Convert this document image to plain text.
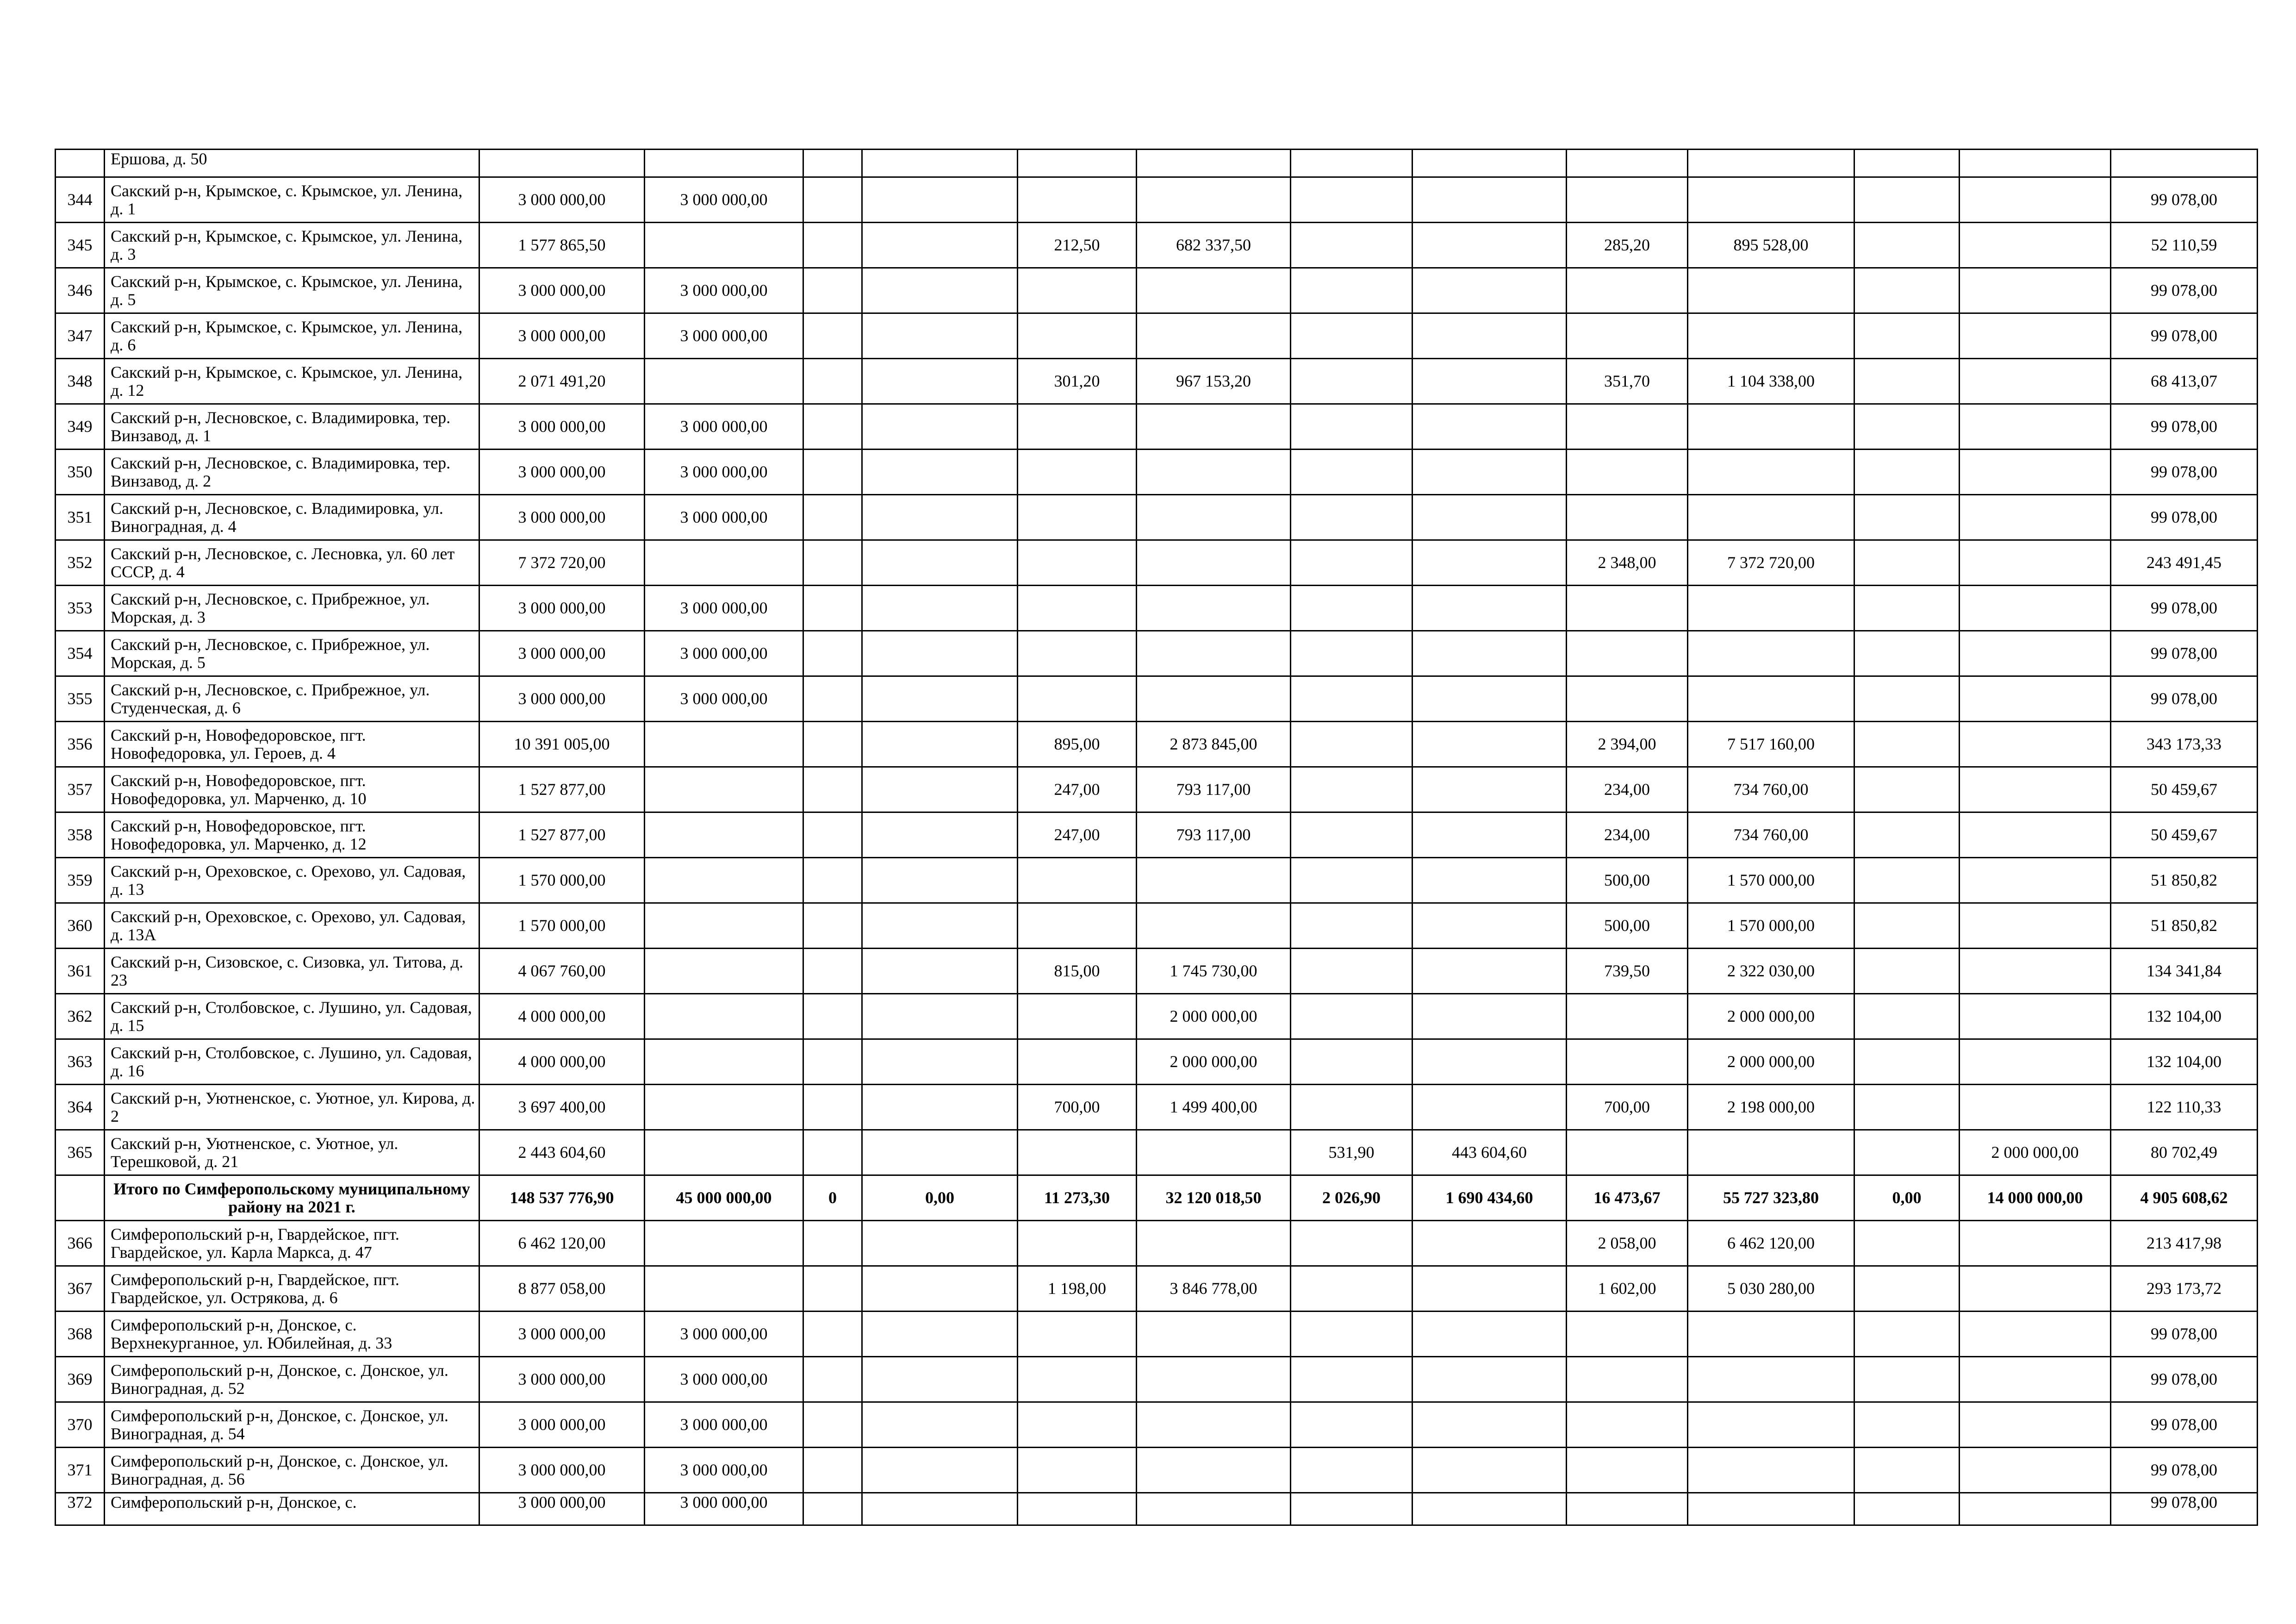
	Ершова, д. 50													
344	Сакский р-н, Крымское, с. Крымское, ул. Ленина, д. 1	3 000 000,00	3 000 000,00											99 078,00
345	Сакский р-н, Крымское, с. Крымское, ул. Ленина, д. 3	1 577 865,50				212,50	682 337,50			285,20	895 528,00			52 110,59
346	Сакский р-н, Крымское, с. Крымское, ул. Ленина, д. 5	3 000 000,00	3 000 000,00											99 078,00
347	Сакский р-н, Крымское, с. Крымское, ул. Ленина, д. 6	3 000 000,00	3 000 000,00											99 078,00
348	Сакский р-н, Крымское, с. Крымское, ул. Ленина, д. 12	2 071 491,20				301,20	967 153,20			351,70	1 104 338,00			68 413,07
349	Сакский р-н, Лесновское, с. Владимировка, тер. Винзавод, д. 1	3 000 000,00	3 000 000,00											99 078,00
350	Сакский р-н, Лесновское, с. Владимировка, тер. Винзавод, д. 2	3 000 000,00	3 000 000,00											99 078,00
351	Сакский р-н, Лесновское, с. Владимировка, ул. Виноградная, д. 4	3 000 000,00	3 000 000,00											99 078,00
352	Сакский р-н, Лесновское, с. Лесновка, ул. 60 лет СССР, д. 4	7 372 720,00								2 348,00	7 372 720,00			243 491,45
353	Сакский р-н, Лесновское, с. Прибрежное, ул. Морская, д. 3	3 000 000,00	3 000 000,00											99 078,00
354	Сакский р-н, Лесновское, с. Прибрежное, ул. Морская, д. 5	3 000 000,00	3 000 000,00											99 078,00
355	Сакский р-н, Лесновское, с. Прибрежное, ул. Студенческая, д. 6	3 000 000,00	3 000 000,00											99 078,00
356	Сакский р-н, Новофедоровское, пгт. Новофедоровка, ул. Героев, д. 4	10 391 005,00				895,00	2 873 845,00			2 394,00	7 517 160,00			343 173,33
357	Сакский р-н, Новофедоровское, пгт. Новофедоровка, ул. Марченко, д. 10	1 527 877,00				247,00	793 117,00			234,00	734 760,00			50 459,67
358	Сакский р-н, Новофедоровское, пгт. Новофедоровка, ул. Марченко, д. 12	1 527 877,00				247,00	793 117,00			234,00	734 760,00			50 459,67
359	Сакский р-н, Ореховское, с. Орехово, ул. Садовая, д. 13	1 570 000,00								500,00	1 570 000,00			51 850,82
360	Сакский р-н, Ореховское, с. Орехово, ул. Садовая, д. 13А	1 570 000,00								500,00	1 570 000,00			51 850,82
361	Сакский р-н, Сизовское, с. Сизовка, ул. Титова, д. 23	4 067 760,00				815,00	1 745 730,00			739,50	2 322 030,00			134 341,84
362	Сакский р-н, Столбовское, с. Лушино, ул. Садовая, д. 15	4 000 000,00					2 000 000,00				2 000 000,00			132 104,00
363	Сакский р-н, Столбовское, с. Лушино, ул. Садовая, д. 16	4 000 000,00					2 000 000,00				2 000 000,00			132 104,00
364	Сакский р-н, Уютненское, с. Уютное, ул. Кирова, д. 2	3 697 400,00				700,00	1 499 400,00			700,00	2 198 000,00			122 110,33
365	Сакский р-н, Уютненское, с. Уютное, ул. Терешковой, д. 21	2 443 604,60						531,90	443 604,60				2 000 000,00	80 702,49
	Итого по Симферопольскому муниципальному району на 2021 г.	148 537 776,90	45 000 000,00	0	0,00	11 273,30	32 120 018,50	2 026,90	1 690 434,60	16 473,67	55 727 323,80	0,00	14 000 000,00	4 905 608,62
366	Симферопольский р-н, Гвардейское, пгт. Гвардейское, ул. Карла Маркса, д. 47	6 462 120,00								2 058,00	6 462 120,00			213 417,98
367	Симферопольский р-н, Гвардейское, пгт. Гвардейское, ул. Острякова, д. 6	8 877 058,00				1 198,00	3 846 778,00			1 602,00	5 030 280,00			293 173,72
368	Симферопольский р-н, Донское, с. Верхнекурганное, ул. Юбилейная, д. 33	3 000 000,00	3 000 000,00											99 078,00
369	Симферопольский р-н, Донское, с. Донское, ул. Виноградная, д. 52	3 000 000,00	3 000 000,00											99 078,00
370	Симферопольский р-н, Донское, с. Донское, ул. Виноградная, д. 54	3 000 000,00	3 000 000,00											99 078,00
371	Симферопольский р-н, Донское, с. Донское, ул. Виноградная, д. 56	3 000 000,00	3 000 000,00											99 078,00
372	Симферопольский р-н, Донское, с.	3 000 000,00	3 000 000,00											99 078,00
